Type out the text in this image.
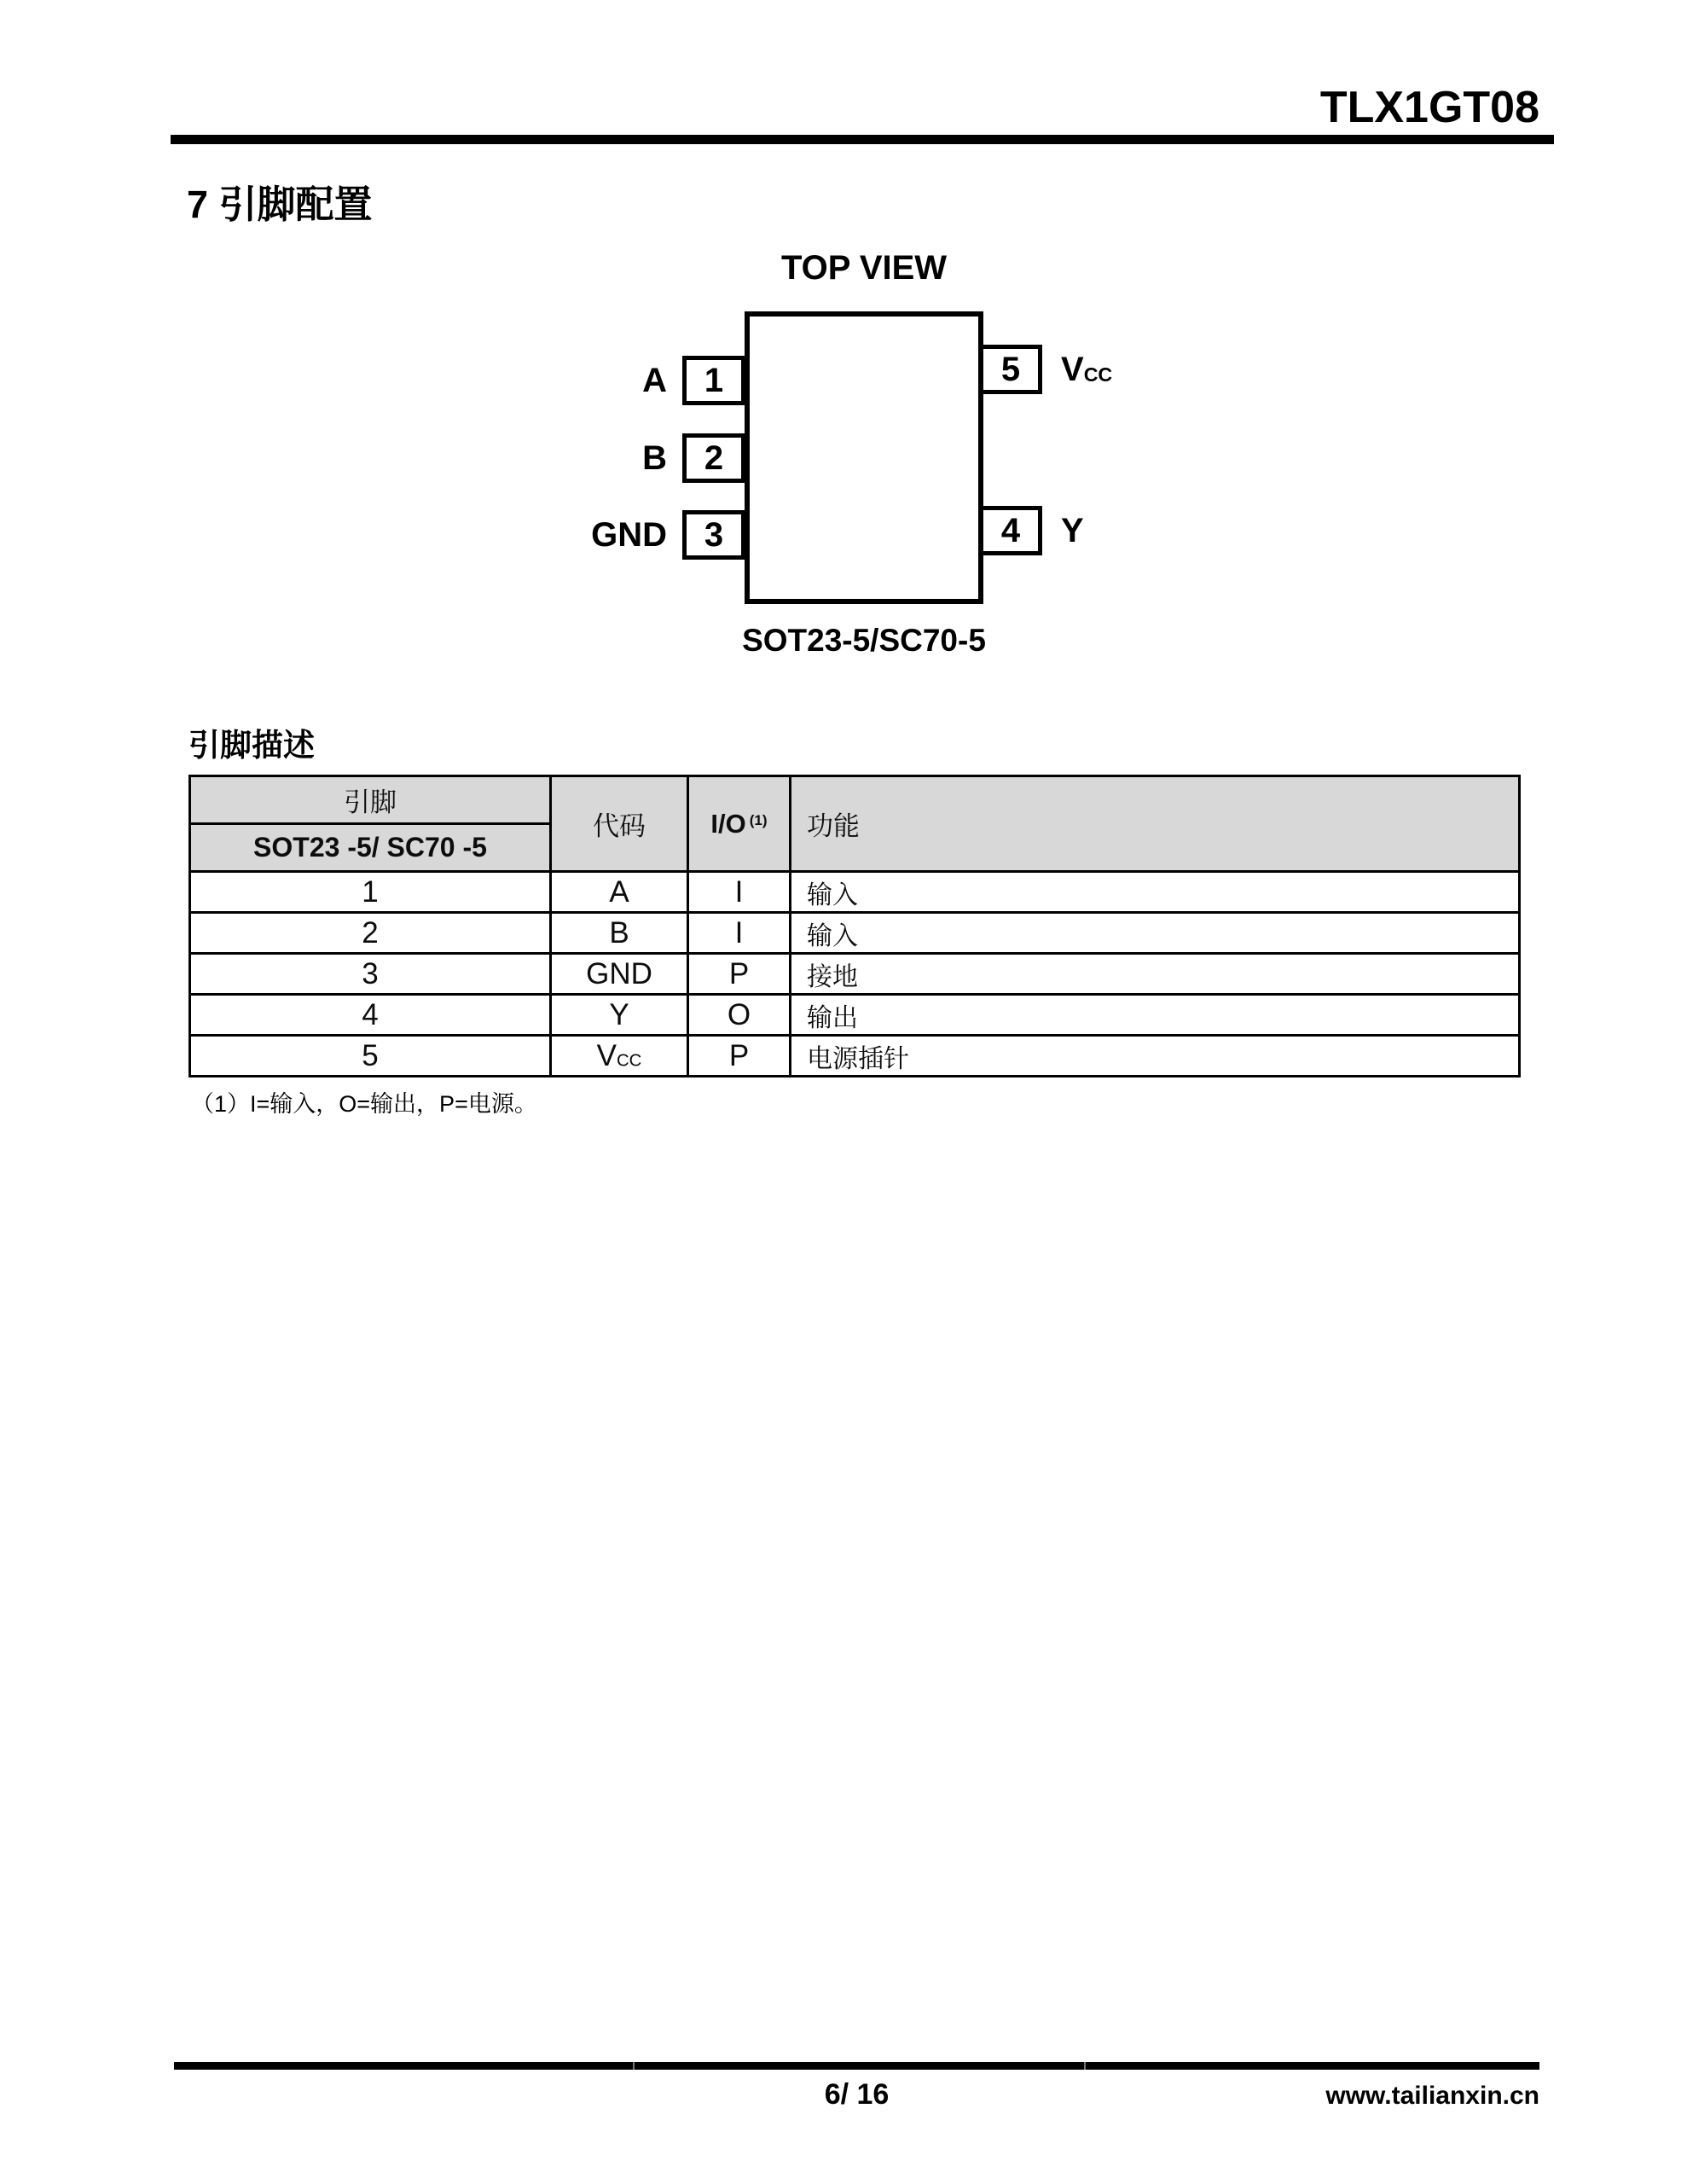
TLX1GT08
7 引脚配置
TOP VIEW
1
2
3
5
4
A
B
GND
VCC
Y
SOT23-5/SC70-5
引脚描述
引脚	代码	I/O $^{(1)}$	功能
SOT23 -5/ SC70 -5			
1	A	I	输入
2	B	I	输入
3	GND	P	接地
4	Y	O	输出
5	VCC	P	电源插针
（1）I=输入，O=输出，P=电源。
6/ 16	www.tailianxin.cn
